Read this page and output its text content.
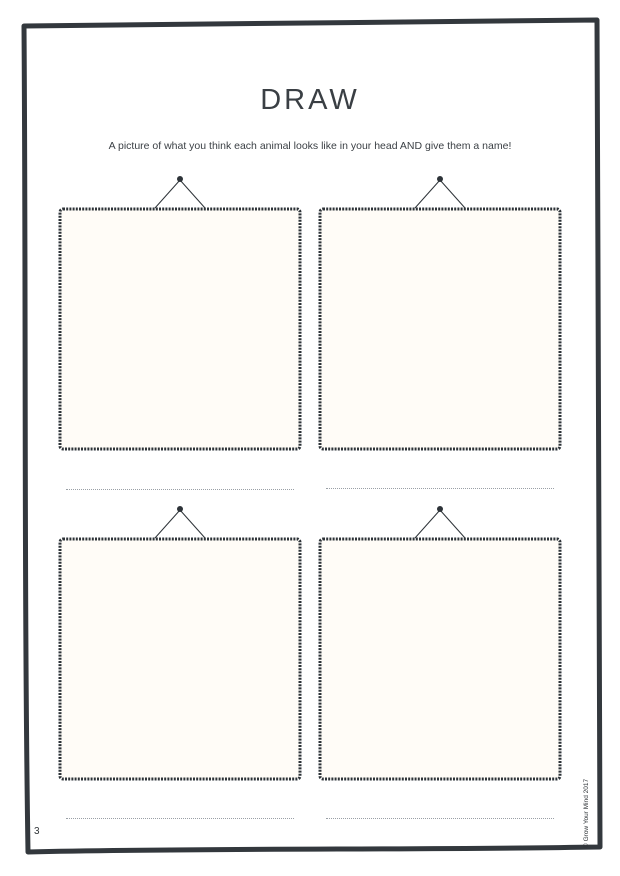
DRAW
A picture of what you think each animal looks like in your head AND give them a name!
3	© Grow Your Mind 2017
